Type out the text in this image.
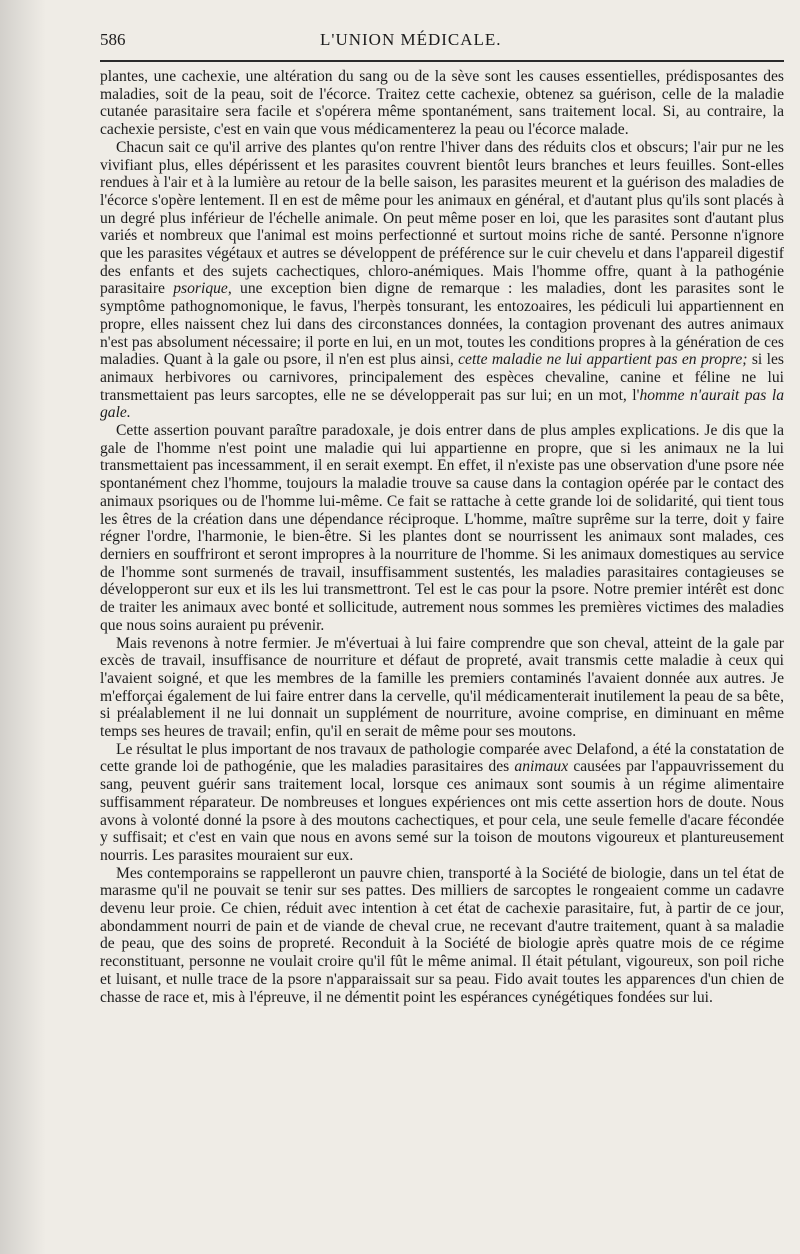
586	L'UNION MÉDICALE.

plantes, une cachexie, une altération du sang ou de la sève sont les causes essentielles, prédisposantes des maladies, soit de la peau, soit de l'écorce. Traitez cette cachexie, obtenez sa guérison, celle de la maladie cutanée parasitaire sera facile et s'opérera même spontanément, sans traitement local. Si, au contraire, la cachexie persiste, c'est en vain que vous médicamenterez la peau ou l'écorce malade.

Chacun sait ce qu'il arrive des plantes qu'on rentre l'hiver dans des réduits clos et obscurs; l'air pur ne les vivifiant plus, elles dépérissent et les parasites couvrent bientôt leurs branches et leurs feuilles. Sont-elles rendues à l'air et à la lumière au retour de la belle saison, les parasites meurent et la guérison des maladies de l'écorce s'opère lentement. Il en est de même pour les animaux en général, et d'autant plus qu'ils sont placés à un degré plus inférieur de l'échelle animale. On peut même poser en loi, que les parasites sont d'autant plus variés et nombreux que l'animal est moins perfectionné et surtout moins riche de santé. Personne n'ignore que les parasites végétaux et autres se développent de préférence sur le cuir chevelu et dans l'appareil digestif des enfants et des sujets cachectiques, chloro-anémiques. Mais l'homme offre, quant à la pathogénie parasitaire psorique, une exception bien digne de remarque : les maladies, dont les parasites sont le symptôme pathognomonique, le favus, l'herpès tonsurant, les entozoaires, les pédiculi lui appartiennent en propre, elles naissent chez lui dans des circonstances données, la contagion provenant des autres animaux n'est pas absolument nécessaire; il porte en lui, en un mot, toutes les conditions propres à la génération de ces maladies. Quant à la gale ou psore, il n'en est plus ainsi, cette maladie ne lui appartient pas en propre; si les animaux herbivores ou carnivores, principalement des espèces chevaline, canine et féline ne lui transmettaient pas leurs sarcoptes, elle ne se développerait pas sur lui; en un mot, l'homme n'aurait pas la gale.

Cette assertion pouvant paraître paradoxale, je dois entrer dans de plus amples explications. Je dis que la gale de l'homme n'est point une maladie qui lui appartienne en propre, que si les animaux ne la lui transmettaient pas incessamment, il en serait exempt. En effet, il n'existe pas une observation d'une psore née spontanément chez l'homme, toujours la maladie trouve sa cause dans la contagion opérée par le contact des animaux psoriques ou de l'homme lui-même. Ce fait se rattache à cette grande loi de solidarité, qui tient tous les êtres de la création dans une dépendance réciproque. L'homme, maître suprême sur la terre, doit y faire régner l'ordre, l'harmonie, le bien-être. Si les plantes dont se nourrissent les animaux sont malades, ces derniers en souffriront et seront impropres à la nourriture de l'homme. Si les animaux domestiques au service de l'homme sont surmenés de travail, insuffisamment sustentés, les maladies parasitaires contagieuses se développeront sur eux et ils les lui transmettront. Tel est le cas pour la psore. Notre premier intérêt est donc de traiter les animaux avec bonté et sollicitude, autrement nous sommes les premières victimes des maladies que nous soins auraient pu prévenir.

Mais revenons à notre fermier. Je m'évertuai à lui faire comprendre que son cheval, atteint de la gale par excès de travail, insuffisance de nourriture et défaut de propreté, avait transmis cette maladie à ceux qui l'avaient soigné, et que les membres de la famille les premiers contaminés l'avaient donnée aux autres. Je m'efforçai également de lui faire entrer dans la cervelle, qu'il médicamenterait inutilement la peau de sa bête, si préalablement il ne lui donnait un supplément de nourriture, avoine comprise, en diminuant en même temps ses heures de travail; enfin, qu'il en serait de même pour ses moutons.

Le résultat le plus important de nos travaux de pathologie comparée avec Delafond, a été la constatation de cette grande loi de pathogénie, que les maladies parasitaires des animaux causées par l'appauvrissement du sang, peuvent guérir sans traitement local, lorsque ces animaux sont soumis à un régime alimentaire suffisamment réparateur. De nombreuses et longues expériences ont mis cette assertion hors de doute. Nous avons à volonté donné la psore à des moutons cachectiques, et pour cela, une seule femelle d'acare fécondée y suffisait; et c'est en vain que nous en avons semé sur la toison de moutons vigoureux et plantureusement nourris. Les parasites mouraient sur eux.

Mes contemporains se rappelleront un pauvre chien, transporté à la Société de biologie, dans un tel état de marasme qu'il ne pouvait se tenir sur ses pattes. Des milliers de sarcoptes le rongeaient comme un cadavre devenu leur proie. Ce chien, réduit avec intention à cet état de cachexie parasitaire, fut, à partir de ce jour, abondamment nourri de pain et de viande de cheval crue, ne recevant d'autre traitement, quant à sa maladie de peau, que des soins de propreté. Reconduit à la Société de biologie après quatre mois de ce régime reconstituant, personne ne voulait croire qu'il fût le même animal. Il était pétulant, vigoureux, son poil riche et luisant, et nulle trace de la psore n'apparaissait sur sa peau. Fido avait toutes les apparences d'un chien de chasse de race et, mis à l'épreuve, il ne démentit point les espérances cynégétiques fondées sur lui.
